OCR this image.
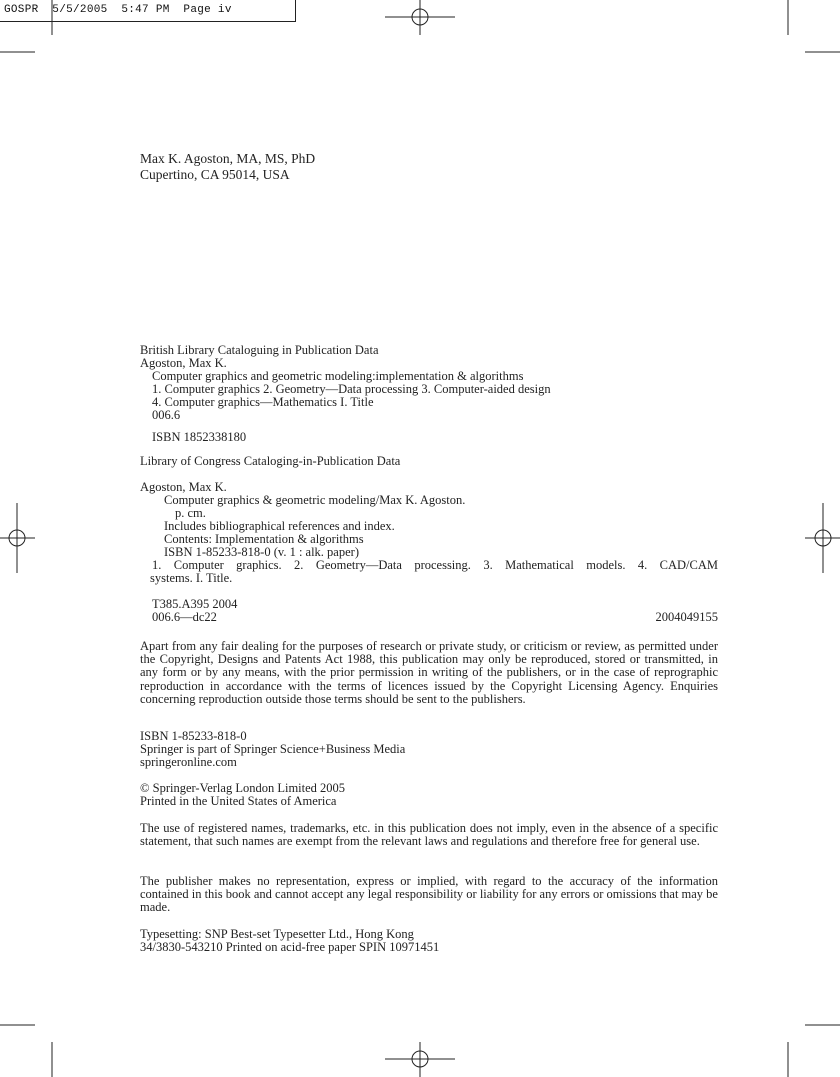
GOSPR  5/5/2005  5:47 PM  Page iv
Max K. Agoston, MA, MS, PhD
Cupertino, CA 95014, USA
British Library Cataloguing in Publication Data
Agoston, Max K.
Computer graphics and geometric modeling:implementation & algorithms
1. Computer graphics 2. Geometry—Data processing 3. Computer-aided design
4. Computer graphics—Mathematics I. Title
006.6
ISBN 1852338180
Library of Congress Cataloging-in-Publication Data
Agoston, Max K.
Computer graphics & geometric modeling/Max K. Agoston.
p. cm.
Includes bibliographical references and index.
Contents: Implementation & algorithms
ISBN 1-85233-818-0 (v. 1 : alk. paper)
1. Computer graphics. 2. Geometry—Data processing. 3. Mathematical models. 4. CAD/CAM
systems. I. Title.
T385.A395 2004
006.6—dc22	2004049155
Apart from any fair dealing for the purposes of research or private study, or criticism or review, as permitted under the Copyright, Designs and Patents Act 1988, this publication may only be reproduced, stored or transmitted, in any form or by any means, with the prior permission in writing of the publishers, or in the case of reprographic reproduction in accordance with the terms of licences issued by the Copyright Licensing Agency. Enquiries concerning reproduction outside those terms should be sent to the publishers.
ISBN 1-85233-818-0
Springer is part of Springer Science+Business Media
springeronline.com
© Springer-Verlag London Limited 2005
Printed in the United States of America
The use of registered names, trademarks, etc. in this publication does not imply, even in the absence of a specific statement, that such names are exempt from the relevant laws and regulations and therefore free for general use.
The publisher makes no representation, express or implied, with regard to the accuracy of the information contained in this book and cannot accept any legal responsibility or liability for any errors or omissions that may be made.
Typesetting: SNP Best-set Typesetter Ltd., Hong Kong
34/3830-543210 Printed on acid-free paper SPIN 10971451
